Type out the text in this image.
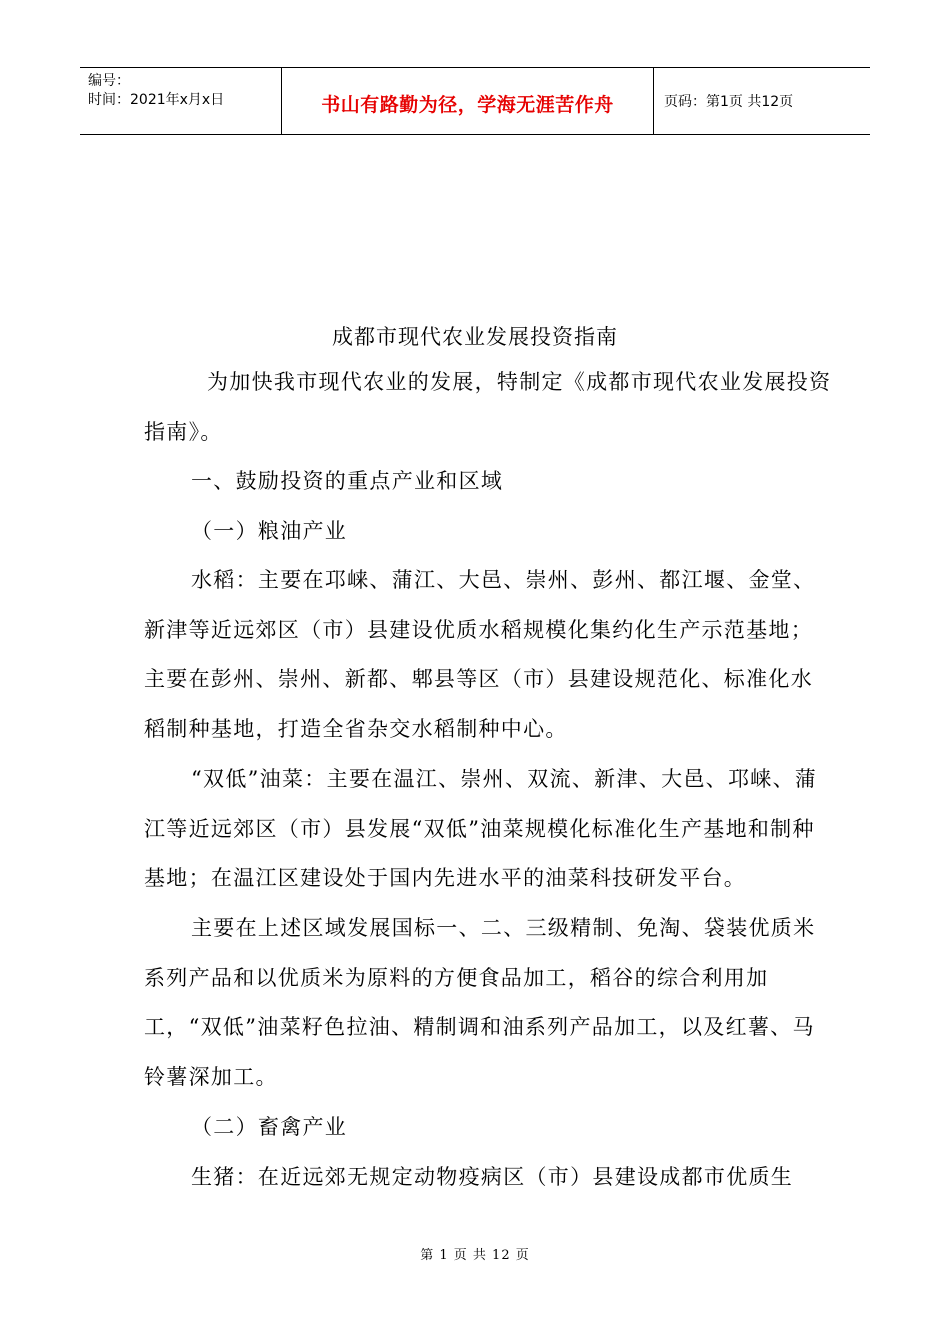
编号：
时间：2021年x月x日	书山有路勤为径，学海无涯苦作舟	页码：第1页 共12页
成都市现代农业发展投资指南

为加快我市现代农业的发展，特制定《成都市现代农业发展投资指南》。

一、鼓励投资的重点产业和区域

（一）粮油产业

水稻：主要在邛崃、蒲江、大邑、崇州、彭州、都江堰、金堂、新津等近远郊区（市）县建设优质水稻规模化集约化生产示范基地；主要在彭州、崇州、新都、郫县等区（市）县建设规范化、标准化水稻制种基地，打造全省杂交水稻制种中心。

“双低”油菜：主要在温江、崇州、双流、新津、大邑、邛崃、蒲江等近远郊区（市）县发展“双低”油菜规模化标准化生产基地和制种基地；在温江区建设处于国内先进水平的油菜科技研发平台。

主要在上述区域发展国标一、二、三级精制、免淘、袋装优质米系列产品和以优质米为原料的方便食品加工，稻谷的综合利用加工，“双低”油菜籽色拉油、精制调和油系列产品加工，以及红薯、马铃薯深加工。

（二）畜禽产业

生猪：在近远郊无规定动物疫病区（市）县建设成都市优质生

第 1 页 共 12 页
